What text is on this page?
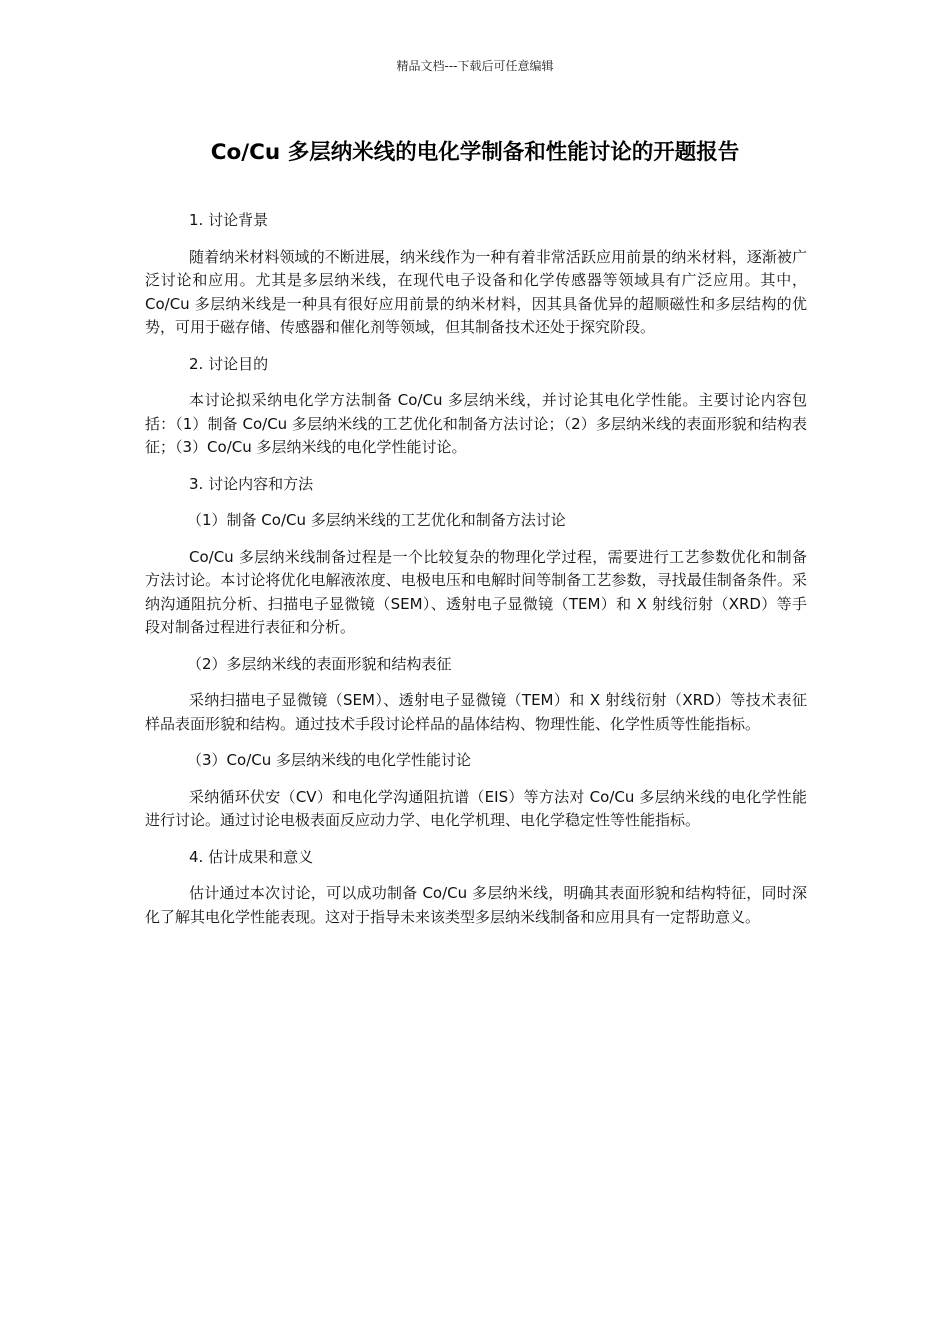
精品文档---下载后可任意编辑
Co/Cu 多层纳米线的电化学制备和性能讨论的开题报告
1. 讨论背景
随着纳米材料领域的不断进展，纳米线作为一种有着非常活跃应用前景的纳米材料，逐渐被广泛讨论和应用。尤其是多层纳米线，在现代电子设备和化学传感器等领域具有广泛应用。其中，Co/Cu 多层纳米线是一种具有很好应用前景的纳米材料，因其具备优异的超顺磁性和多层结构的优势，可用于磁存储、传感器和催化剂等领域，但其制备技术还处于探究阶段。
2. 讨论目的
本讨论拟采纳电化学方法制备 Co/Cu 多层纳米线，并讨论其电化学性能。主要讨论内容包括：（1）制备 Co/Cu 多层纳米线的工艺优化和制备方法讨论；（2）多层纳米线的表面形貌和结构表征；（3）Co/Cu 多层纳米线的电化学性能讨论。
3. 讨论内容和方法
（1）制备 Co/Cu 多层纳米线的工艺优化和制备方法讨论
Co/Cu 多层纳米线制备过程是一个比较复杂的物理化学过程，需要进行工艺参数优化和制备方法讨论。本讨论将优化电解液浓度、电极电压和电解时间等制备工艺参数，寻找最佳制备条件。采纳沟通阻抗分析、扫描电子显微镜（SEM）、透射电子显微镜（TEM）和 X 射线衍射（XRD）等手段对制备过程进行表征和分析。
（2）多层纳米线的表面形貌和结构表征
采纳扫描电子显微镜（SEM）、透射电子显微镜（TEM）和 X 射线衍射（XRD）等技术表征样品表面形貌和结构。通过技术手段讨论样品的晶体结构、物理性能、化学性质等性能指标。
（3）Co/Cu 多层纳米线的电化学性能讨论
采纳循环伏安（CV）和电化学沟通阻抗谱（EIS）等方法对 Co/Cu 多层纳米线的电化学性能进行讨论。通过讨论电极表面反应动力学、电化学机理、电化学稳定性等性能指标。
4. 估计成果和意义
估计通过本次讨论，可以成功制备 Co/Cu 多层纳米线，明确其表面形貌和结构特征，同时深化了解其电化学性能表现。这对于指导未来该类型多层纳米线制备和应用具有一定帮助意义。
